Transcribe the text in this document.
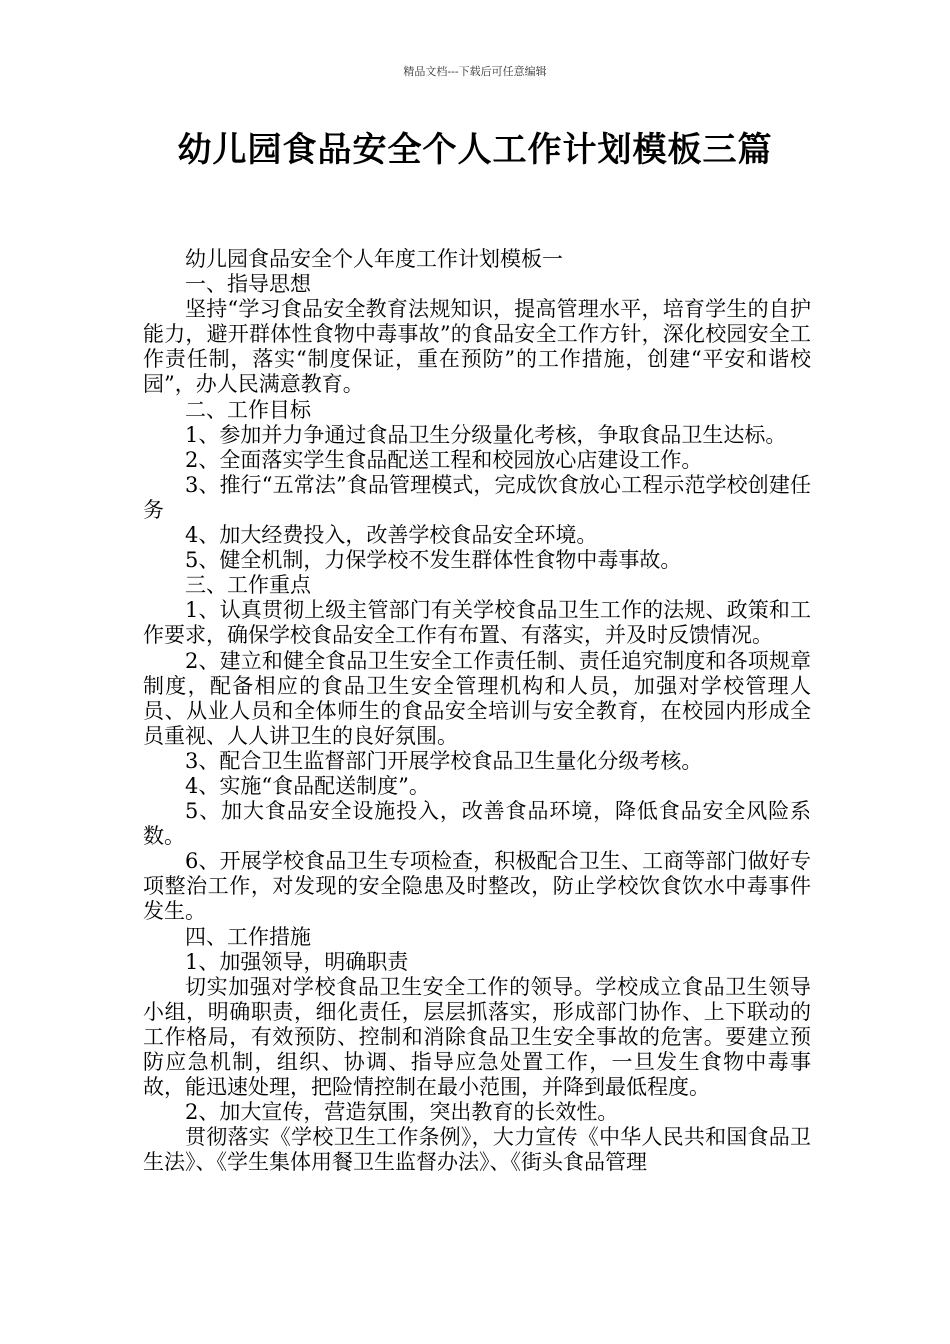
精品文档---下载后可任意编辑
幼儿园食品安全个人工作计划模板三篇

幼儿园食品安全个人年度工作计划模板一

一、指导思想

坚持“学习食品安全教育法规知识，提高管理水平，培育学生的自护能力，避开群体性食物中毒事故”的食品安全工作方针，深化校园安全工作责任制，落实“制度保证，重在预防”的工作措施，创建“平安和谐校园”，办人民满意教育。

二、工作目标

1、参加并力争通过食品卫生分级量化考核，争取食品卫生达标。

2、全面落实学生食品配送工程和校园放心店建设工作。

3、推行“五常法”食品管理模式，完成饮食放心工程示范学校创建任务

4、加大经费投入，改善学校食品安全环境。

5、健全机制，力保学校不发生群体性食物中毒事故。

三、工作重点

1、认真贯彻上级主管部门有关学校食品卫生工作的法规、政策和工作要求，确保学校食品安全工作有布置、有落实，并及时反馈情况。

2、建立和健全食品卫生安全工作责任制、责任追究制度和各项规章制度，配备相应的食品卫生安全管理机构和人员，加强对学校管理人员、从业人员和全体师生的食品安全培训与安全教育，在校园内形成全员重视、人人讲卫生的良好氛围。

3、配合卫生监督部门开展学校食品卫生量化分级考核。

4、实施“食品配送制度”。

5、加大食品安全设施投入，改善食品环境，降低食品安全风险系数。

6、开展学校食品卫生专项检查，积极配合卫生、工商等部门做好专项整治工作，对发现的安全隐患及时整改，防止学校饮食饮水中毒事件发生。

四、工作措施

1、加强领导，明确职责

切实加强对学校食品卫生安全工作的领导。学校成立食品卫生领导小组，明确职责，细化责任，层层抓落实，形成部门协作、上下联动的工作格局，有效预防、控制和消除食品卫生安全事故的危害。要建立预防应急机制，组织、协调、指导应急处置工作，一旦发生食物中毒事故，能迅速处理，把险情控制在最小范围，并降到最低程度。

2、加大宣传，营造氛围，突出教育的长效性。

贯彻落实《学校卫生工作条例》，大力宣传《中华人民共和国食品卫生法》、《学生集体用餐卫生监督办法》、《街头食品管理
